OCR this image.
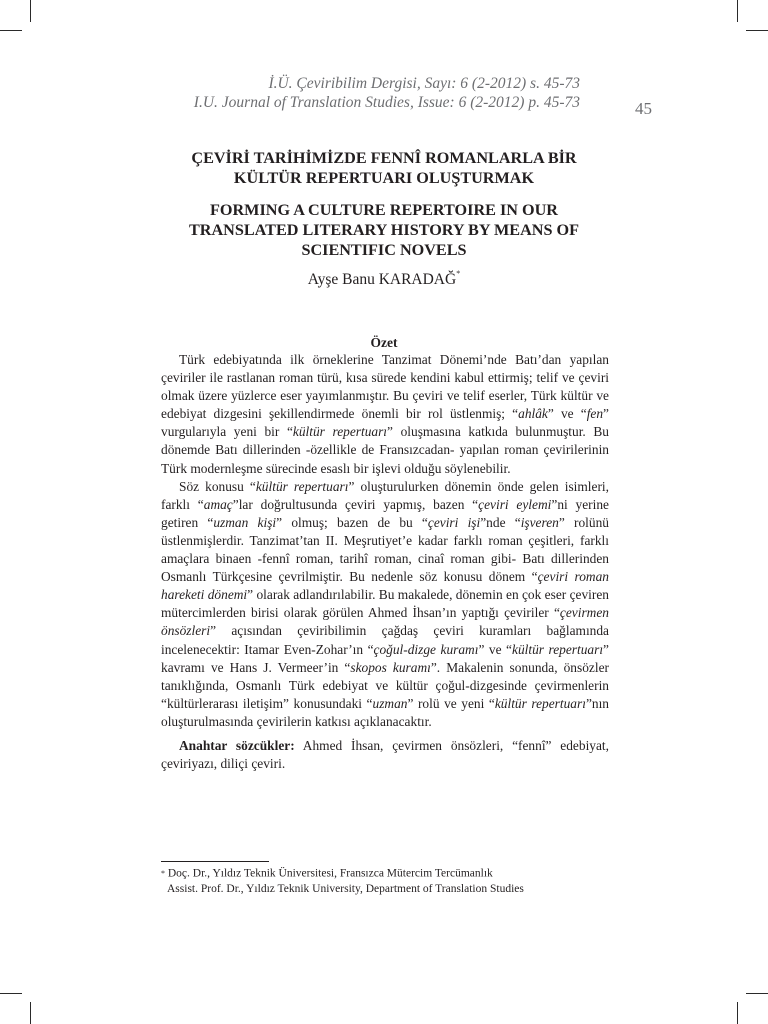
İ.Ü. Çeviribilim Dergisi, Sayı: 6 (2-2012) s. 45-73
I.U. Journal of Translation Studies, Issue: 6 (2-2012) p. 45-73	45
ÇEVİRİ TARİHİMİZDE FENNÎ ROMANLARLA BİR
KÜLTÜR REPERTUARI OLUŞTURMAK
FORMING A CULTURE REPERTOIRE IN OUR
TRANSLATED LITERARY HISTORY BY MEANS OF
SCIENTIFIC NOVELS
Ayşe Banu KARADAĞ*
Özet

Türk edebiyatında ilk örneklerine Tanzimat Dönemi’nde Batı’dan yapılan çeviriler ile rastlanan roman türü, kısa sürede kendini kabul ettirmiş; telif ve çeviri olmak üzere yüzlerce eser yayımlanmıştır. Bu çeviri ve telif eserler, Türk kültür ve edebiyat dizgesini şekillendirmede önemli bir rol üstlenmiş; “ahlâk” ve “fen” vurgularıyla yeni bir “kültür repertuarı” oluşmasına katkıda bulunmuştur. Bu dönemde Batı dillerinden -özellikle de Fransızcadan- yapılan roman çevirilerinin Türk modernleşme sürecinde esaslı bir işlevi olduğu söylenebilir.

Söz konusu “kültür repertuarı” oluşturulurken dönemin önde gelen isimleri, farklı “amaç”lar doğrultusunda çeviri yapmış, bazen “çeviri eylemi”ni yerine getiren “uzman kişi” olmuş; bazen de bu “çeviri işi”nde “işveren” rolünü üstlenmişlerdir. Tanzimat’tan II. Meşrutiyet’e kadar farklı roman çeşitleri, farklı amaçlara binaen -fennî roman, tarihî roman, cinaî roman gibi- Batı dillerinden Osmanlı Türkçesine çevrilmiştir. Bu nedenle söz konusu dönem “çeviri roman hareketi dönemi” olarak adlandırılabilir. Bu makalede, dönemin en çok eser çeviren mütercimlerden birisi olarak görülen Ahmed İhsan’ın yaptığı çeviriler “çevirmen önsözleri” açısından çeviribilimin çağdaş çeviri kuramları bağlamında incelenecektir: Itamar Even-Zohar’ın “çoğul-dizge kuramı” ve “kültür repertuarı” kavramı ve Hans J. Vermeer’in “skopos kuramı”. Makalenin sonunda, önsözler tanıklığında, Osmanlı Türk edebiyat ve kültür çoğul-dizgesinde çevirmenlerin “kültürlerarası iletişim” konusundaki “uzman” rolü ve yeni “kültür repertuarı”nın oluşturulmasında çevirilerin katkısı açıklanacaktır.

Anahtar sözcükler: Ahmed İhsan, çevirmen önsözleri, “fennî” edebiyat, çeviriyazı, diliçi çeviri.

* Doç. Dr., Yıldız Teknik Üniversitesi, Fransızca Mütercim Tercümanlık
Assist. Prof. Dr., Yıldız Teknik University, Department of Translation Studies
